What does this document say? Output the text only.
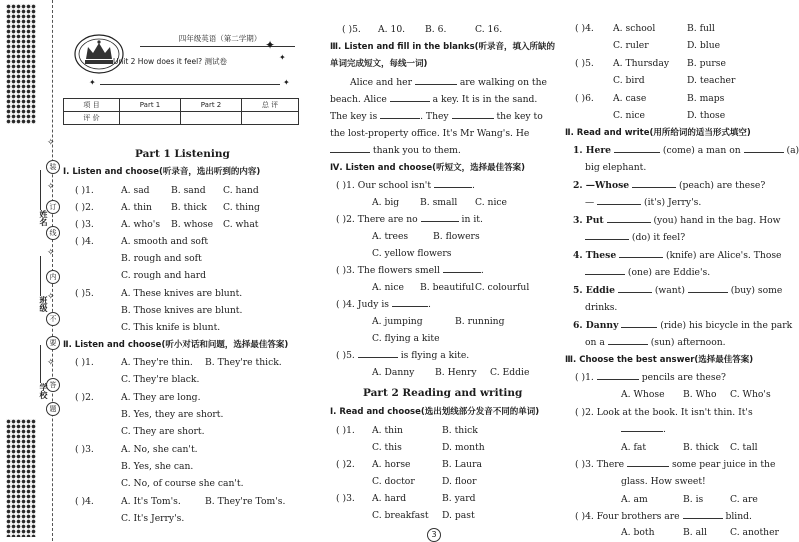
✧
装
✧
订
线
✧
内
✧
不
要
✧
答
题
姓名
班级
学校
四年级英语（第二学期）
Unit 2 How does it feel? 测试卷
✦
✦
✦
✦
项 目	Part 1	Part 2	总 评
评 价			
Part 1 Listening
Ⅰ. Listen and choose(听录音，选出听到的内容)
( )1.	A. sad B. sand C. hand
( )2.	A. thin B. thick C. thing
( )3.	A. who's B. whose C. what
( )4.	A. smooth and soft
B. rough and soft
C. rough and hard
( )5.	A. These knives are blunt.
B. Those knives are blunt.
C. This knife is blunt.
Ⅱ. Listen and choose(听小对话和问题，选择最佳答案)
( )1.	A. They're thin. B. They're thick.
C. They're black.
( )2.	A. They are long.
B. Yes, they are short.
C. They are short.
( )3.	A. No, she can't.
B. Yes, she can.
C. No, of course she can't.
( )4.	A. It's Tom's.	B. They're Tom's.
C. It's Jerry's.
( )5. A. 10. B. 6.	C. 16.
Ⅲ. Listen and fill in the blanks(听录音，填入所缺的
单词完成短文，每线一词)
Alice and her	are walking on the
beach. Alice	a key. It is in the sand.
The key is	. They	the key to
the lost-property office. It's Mr Wang's. He
thank you to them.
Ⅳ. Listen and choose(听短文，选择最佳答案)
( )1. Our school isn't	.
A. big B. small C. nice
( )2. There are no	in it.
A. trees	B. flowers
C. yellow flowers
( )3. The flowers smell	.
A. nice B. beautiful C. colourful
( )4. Judy is	.
A. jumping	B. running
C. flying a kite
( )5.	is flying a kite.
A. Danny B. Henry C. Eddie
Part 2 Reading and writing
Ⅰ. Read and choose(选出划线部分发音不同的单词)
( )1. A. thin	B. thick
C. this	D. month
( )2. A. horse	B. Laura
C. doctor	D. floor
( )3. A. hard	B. yard
C. breakfast D. past
3
( )4. A. school	B. full
C. ruler	D. blue
( )5. A. Thursday B. purse
C. bird	D. teacher
( )6. A. case	B. maps
C. nice	D. those
Ⅱ. Read and write(用所给词的适当形式填空)
1. Here	(come) a man on	(a)
big elephant.
2. —Whose	(peach) are these?
—	(it's) Jerry's.
3. Put	(you) hand in the bag. How
(do) it feel?
4. These	(knife) are Alice's. Those
(one) are Eddie's.
5. Eddie	(want)	(buy) some
drinks.
6. Danny	(ride) his bicycle in the park
on a	(sun) afternoon.
Ⅲ. Choose the best answer(选择最佳答案)
( )1.	pencils are these?
A. Whose B. Who C. Who's
( )2. Look at the book. It isn't thin. It's
.
A. fat	B. thick C. tall
( )3. There	some pear juice in the
glass. How sweet!
A. am	B. is	C. are
( )4. Four brothers are	blind.
A. both	B. all	C. another
